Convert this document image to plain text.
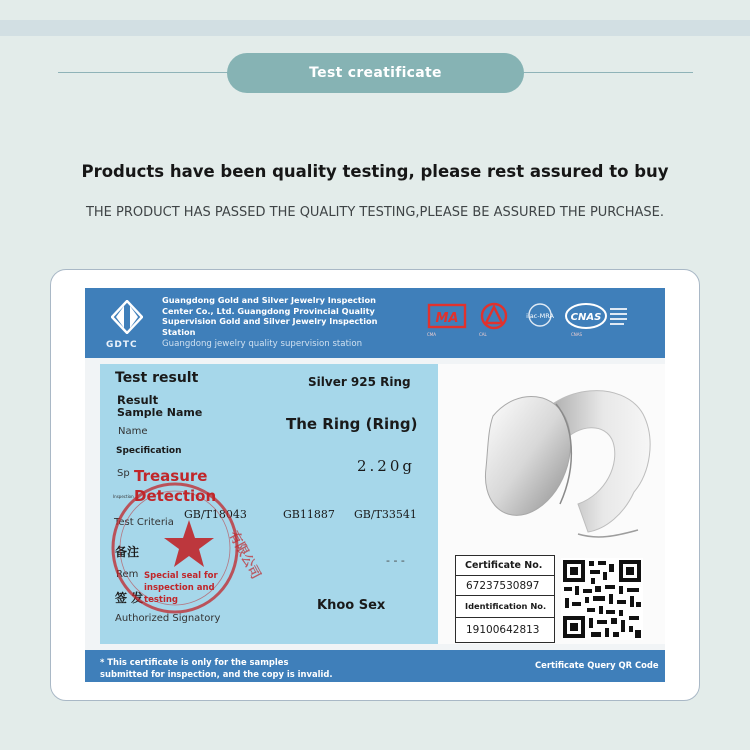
Test creatificate
Products have been quality testing, please rest assured to buy
THE PRODUCT HAS PASSED THE QUALITY TESTING,PLEASE BE ASSURED THE PURCHASE.
GDTC
Guangdong Gold and Silver Jewelry Inspection
Center Co., Ltd. Guangdong Provincial Quality
Supervision Gold and Silver Jewelry Inspection
Station
Guangdong jewelry quality supervision station
MA
CMA	CAL
ilac-MRA CNAS
CNAS
Test result
Result
Sample Name
Name
Specification
Sp
Inspection
Test Criteria
备注
Rem
签 发
Authorized Signatory
Silver 925 Ring
The Ring (Ring)
2.20g
GB/T18043	GB11887 GB/T33541
- - -
Khoo Sex
有限公司
Treasure
Detection
Special seal for
inspection and
testing
Certificate No.
67237530897
Identification No.
19100642813
* This certificate is only for the samples
submitted for inspection, and the copy is invalid.
Certificate Query QR Code
